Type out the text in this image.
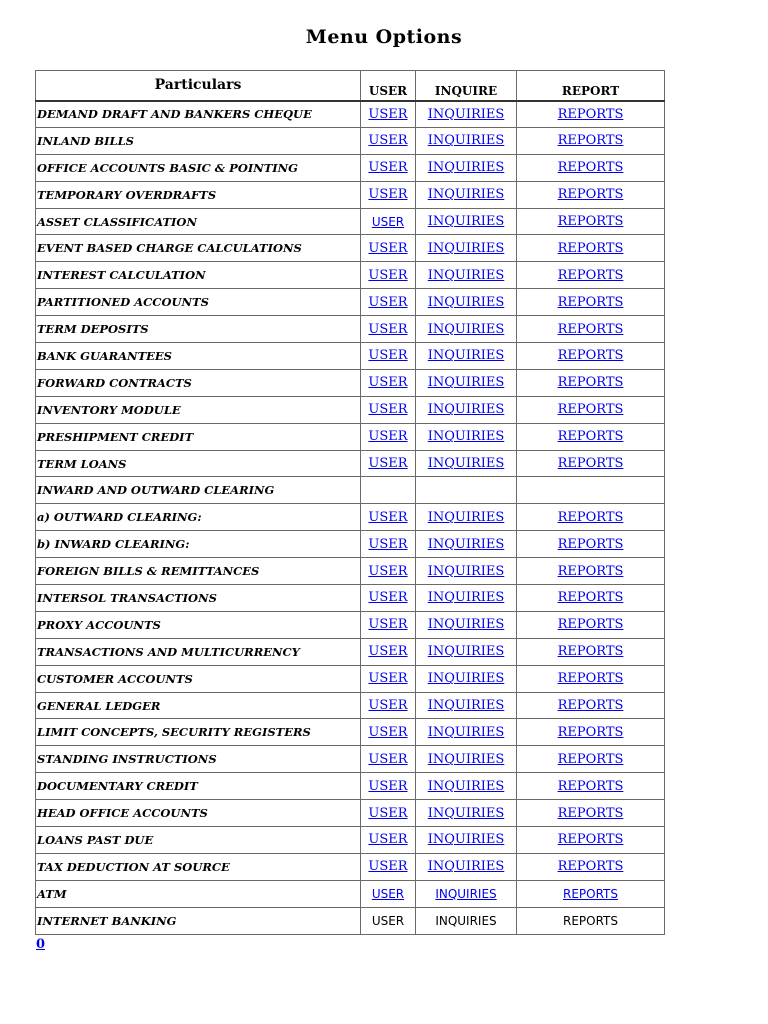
Menu Options
Particulars	USER	INQUIRE	REPORT
DEMAND DRAFT AND BANKERS CHEQUE	USER	INQUIRIES	REPORTS
INLAND BILLS	USER	INQUIRIES	REPORTS
OFFICE ACCOUNTS BASIC & POINTING	USER	INQUIRIES	REPORTS
TEMPORARY OVERDRAFTS	USER	INQUIRIES	REPORTS
ASSET CLASSIFICATION	USER	INQUIRIES	REPORTS
EVENT BASED CHARGE CALCULATIONS	USER	INQUIRIES	REPORTS
INTEREST CALCULATION	USER	INQUIRIES	REPORTS
PARTITIONED ACCOUNTS	USER	INQUIRIES	REPORTS
TERM DEPOSITS	USER	INQUIRIES	REPORTS
BANK GUARANTEES	USER	INQUIRIES	REPORTS
FORWARD CONTRACTS	USER	INQUIRIES	REPORTS
INVENTORY MODULE	USER	INQUIRIES	REPORTS
PRESHIPMENT CREDIT	USER	INQUIRIES	REPORTS
TERM LOANS	USER	INQUIRIES	REPORTS
INWARD AND OUTWARD CLEARING			
a) OUTWARD CLEARING:	USER	INQUIRIES	REPORTS
b) INWARD CLEARING:	USER	INQUIRIES	REPORTS
FOREIGN BILLS & REMITTANCES	USER	INQUIRIES	REPORTS
INTERSOL TRANSACTIONS	USER	INQUIRIES	REPORTS
PROXY ACCOUNTS	USER	INQUIRIES	REPORTS
TRANSACTIONS AND MULTICURRENCY	USER	INQUIRIES	REPORTS
CUSTOMER ACCOUNTS	USER	INQUIRIES	REPORTS
GENERAL LEDGER	USER	INQUIRIES	REPORTS
LIMIT CONCEPTS, SECURITY REGISTERS	USER	INQUIRIES	REPORTS
STANDING INSTRUCTIONS	USER	INQUIRIES	REPORTS
DOCUMENTARY CREDIT	USER	INQUIRIES	REPORTS
HEAD OFFICE ACCOUNTS	USER	INQUIRIES	REPORTS
LOANS PAST DUE	USER	INQUIRIES	REPORTS
TAX DEDUCTION AT SOURCE	USER	INQUIRIES	REPORTS
ATM	USER	INQUIRIES	REPORTS
INTERNET BANKING	USER	INQUIRIES	REPORTS
0
